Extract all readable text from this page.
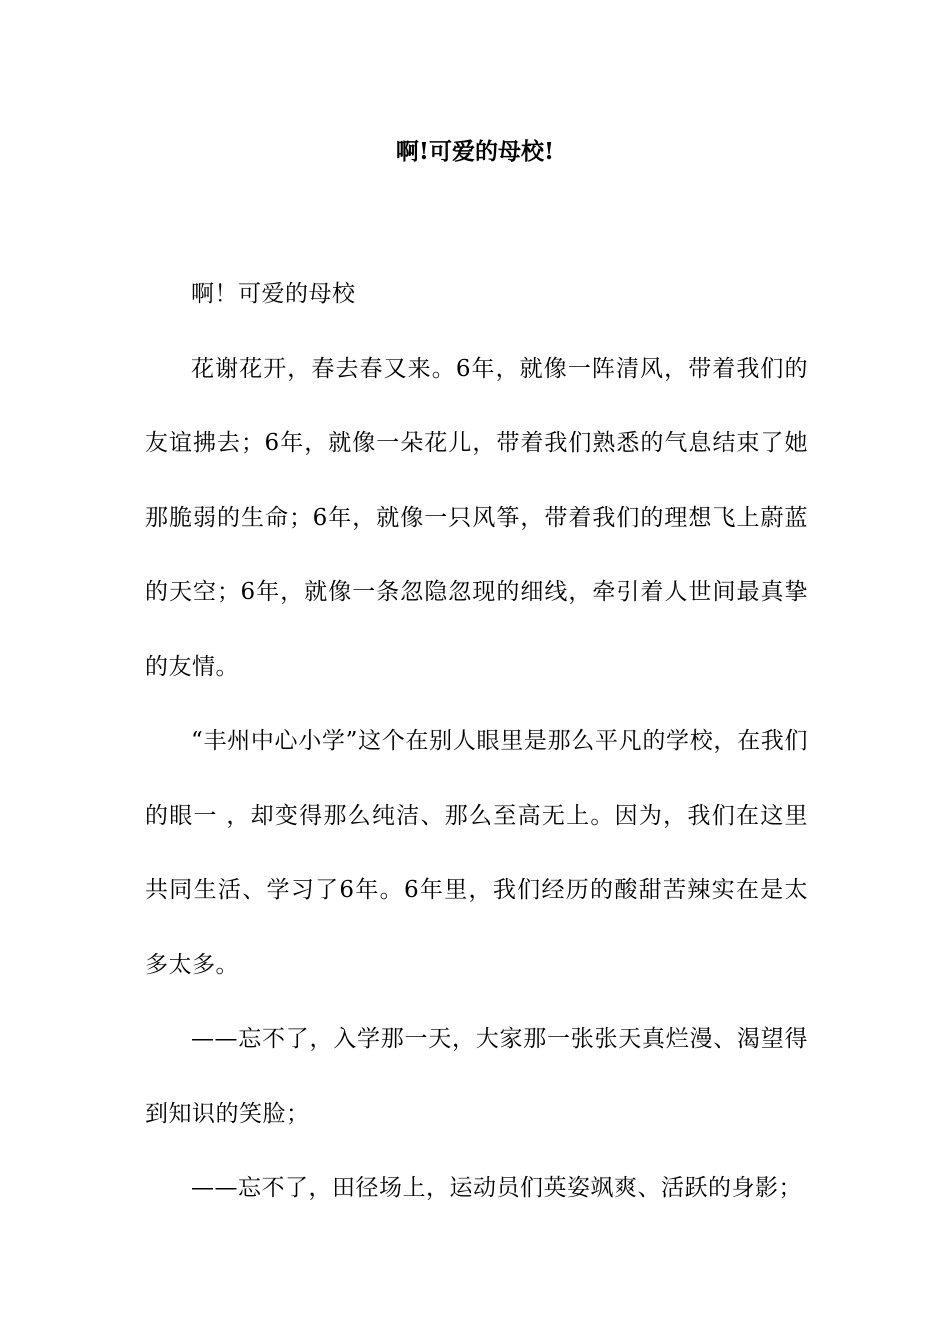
啊!可爱的母校!

啊！可爱的母校

花谢花开，春去春又来。6年，就像一阵清风，带着我们的友谊拂去；6年，就像一朵花儿，带着我们熟悉的气息结束了她那脆弱的生命；6年，就像一只风筝，带着我们的理想飞上蔚蓝的天空；6年，就像一条忽隐忽现的细线，牵引着人世间最真挚的友情。

“丰州中心小学”这个在别人眼里是那么平凡的学校，在我们的眼一 ，却变得那么纯洁、那么至高无上。因为，我们在这里共同生活、学习了6年。6年里，我们经历的酸甜苦辣实在是太多太多。

——忘不了，入学那一天，大家那一张张天真烂漫、渴望得到知识的笑脸；

——忘不了，田径场上，运动员们英姿飒爽、活跃的身影；
